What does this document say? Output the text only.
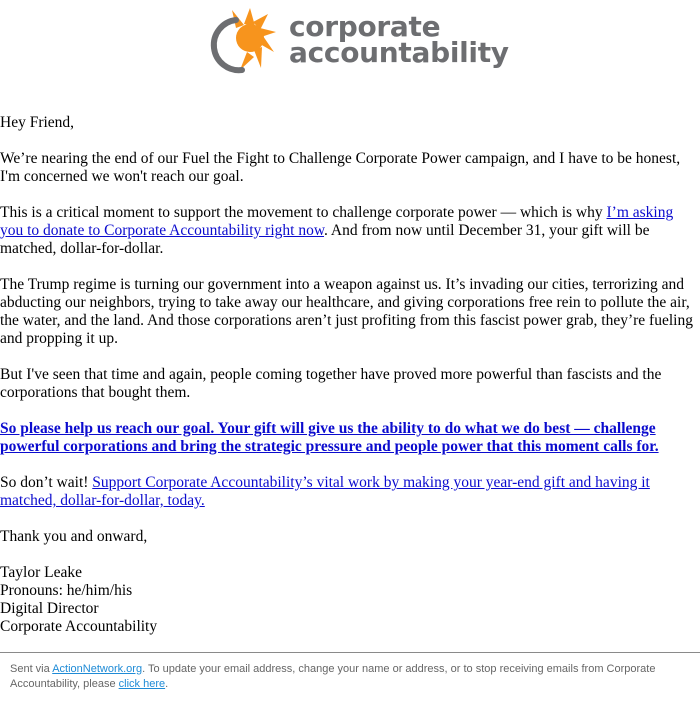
corporate
accountability

Hey Friend,

We’re nearing the end of our Fuel the Fight to Challenge Corporate Power campaign, and I have to be honest, I'm concerned we won't reach our goal.

This is a critical moment to support the movement to challenge corporate power — which is why I’m asking you to donate to Corporate Accountability right now. And from now until December 31, your gift will be matched, dollar-for-dollar.

The Trump regime is turning our government into a weapon against us. It’s invading our cities, terrorizing and abducting our neighbors, trying to take away our healthcare, and giving corporations free rein to pollute the air, the water, and the land. And those corporations aren’t just profiting from this fascist power grab, they’re fueling and propping it up.

But I've seen that time and again, people coming together have proved more powerful than fascists and the corporations that bought them.

So please help us reach our goal. Your gift will give us the ability to do what we do best — challenge powerful corporations and bring the strategic pressure and people power that this moment calls for.

So don’t wait! Support Corporate Accountability’s vital work by making your year-end gift and having it matched, dollar-for-dollar, today.

Thank you and onward,

Taylor Leake
Pronouns: he/him/his
Digital Director
Corporate Accountability
Sent via ActionNetwork.org. To update your email address, change your name or address, or to stop receiving emails from Corporate Accountability, please click here.
